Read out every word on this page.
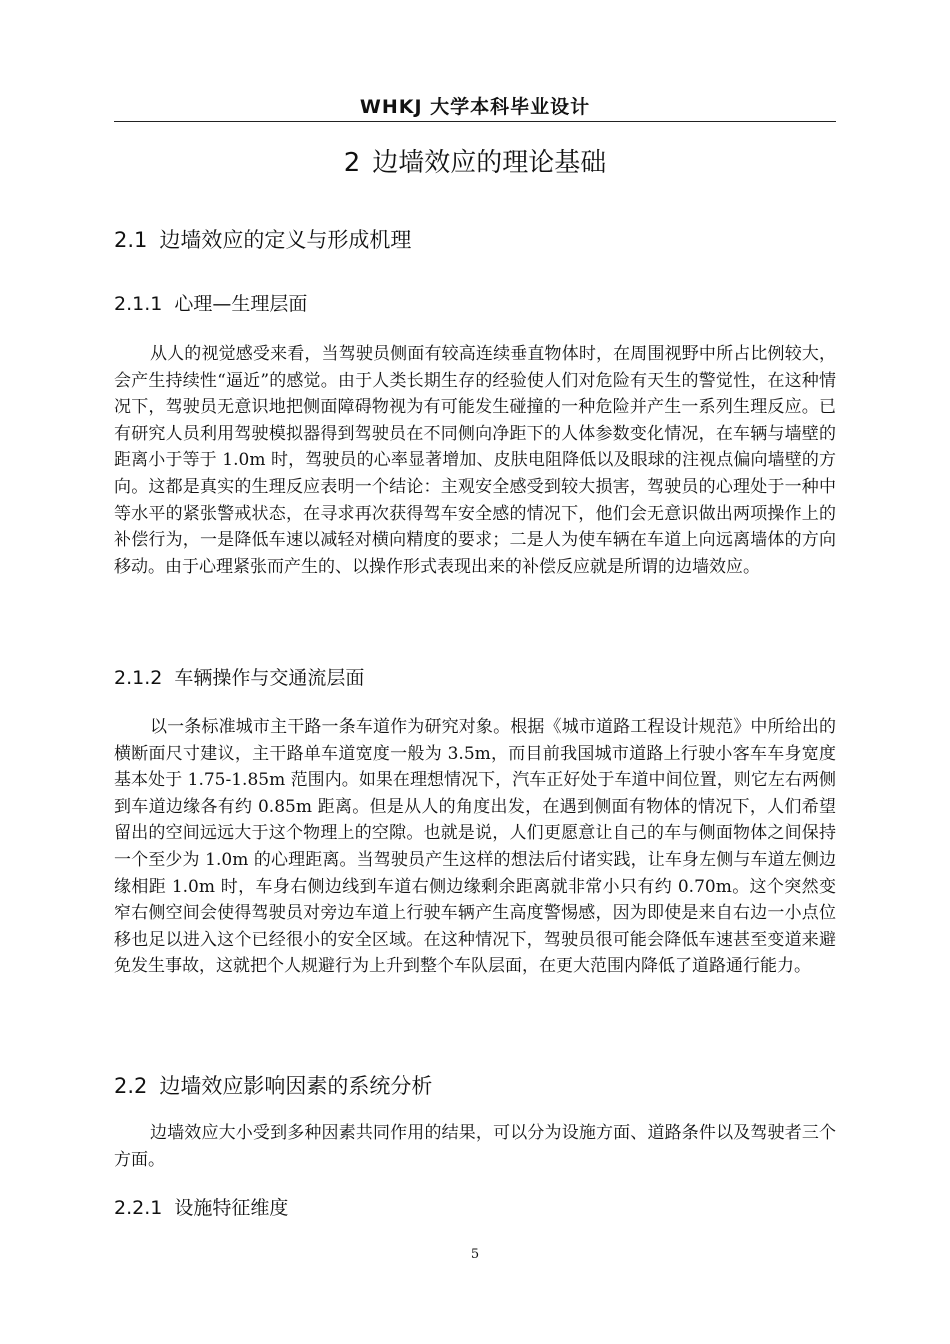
WHKJ 大学本科毕业设计
2 边墙效应的理论基础
2.1 边墙效应的定义与形成机理
2.1.1 心理—生理层面

从人的视觉感受来看，当驾驶员侧面有较高连续垂直物体时，在周围视野中所占比例较大，会产生持续性“逼近”的感觉。由于人类长期生存的经验使人们对危险有天生的警觉性，在这种情况下，驾驶员无意识地把侧面障碍物视为有可能发生碰撞的一种危险并产生一系列生理反应。已有研究人员利用驾驶模拟器得到驾驶员在不同侧向净距下的人体参数变化情况，在车辆与墙壁的距离小于等于 1.0m 时，驾驶员的心率显著增加、皮肤电阻降低以及眼球的注视点偏向墙壁的方向。这都是真实的生理反应表明一个结论：主观安全感受到较大损害，驾驶员的心理处于一种中等水平的紧张警戒状态，在寻求再次获得驾车安全感的情况下，他们会无意识做出两项操作上的补偿行为，一是降低车速以减轻对横向精度的要求；二是人为使车辆在车道上向远离墙体的方向移动。由于心理紧张而产生的、以操作形式表现出来的补偿反应就是所谓的边墙效应。

2.1.2 车辆操作与交通流层面

以一条标准城市主干路一条车道作为研究对象。根据《城市道路工程设计规范》中所给出的横断面尺寸建议，主干路单车道宽度一般为 3.5m，而目前我国城市道路上行驶小客车车身宽度基本处于 1.75-1.85m 范围内。如果在理想情况下，汽车正好处于车道中间位置，则它左右两侧到车道边缘各有约 0.85m 距离。但是从人的角度出发，在遇到侧面有物体的情况下，人们希望留出的空间远远大于这个物理上的空隙。也就是说，人们更愿意让自己的车与侧面物体之间保持一个至少为 1.0m 的心理距离。当驾驶员产生这样的想法后付诸实践，让车身左侧与车道左侧边缘相距 1.0m 时，车身右侧边线到车道右侧边缘剩余距离就非常小只有约 0.70m。这个突然变窄右侧空间会使得驾驶员对旁边车道上行驶车辆产生高度警惕感，因为即使是来自右边一小点位移也足以进入这个已经很小的安全区域。在这种情况下，驾驶员很可能会降低车速甚至变道来避免发生事故，这就把个人规避行为上升到整个车队层面，在更大范围内降低了道路通行能力。

2.2 边墙效应影响因素的系统分析

边墙效应大小受到多种因素共同作用的结果，可以分为设施方面、道路条件以及驾驶者三个方面。

2.2.1 设施特征维度
5
